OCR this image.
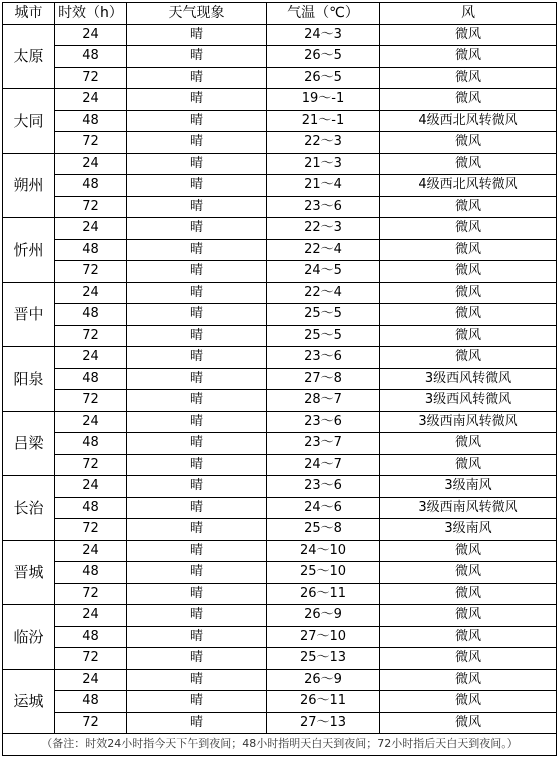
城市	时效（h）	天气现象	气温（℃）	风
太原	24	晴	24～3	微风
	48	晴	26～5	微风
	72	晴	26～5	微风
大同	24	晴	19～-1	微风
	48	晴	21～-1	4级西北风转微风
	72	晴	22～3	微风
朔州	24	晴	21～3	微风
	48	晴	21～4	4级西北风转微风
	72	晴	23～6	微风
忻州	24	晴	22～3	微风
	48	晴	22～4	微风
	72	晴	24～5	微风
晋中	24	晴	22～4	微风
	48	晴	25～5	微风
	72	晴	25～5	微风
阳泉	24	晴	23～6	微风
	48	晴	27～8	3级西风转微风
	72	晴	28～7	3级西风转微风
吕梁	24	晴	23～6	3级西南风转微风
	48	晴	23～7	微风
	72	晴	24～7	微风
长治	24	晴	23～6	3级南风
	48	晴	24～6	3级西南风转微风
	72	晴	25～8	3级南风
晋城	24	晴	24～10	微风
	48	晴	25～10	微风
	72	晴	26～11	微风
临汾	24	晴	26～9	微风
	48	晴	27～10	微风
	72	晴	25～13	微风
运城	24	晴	26～9	微风
	48	晴	26～11	微风
	72	晴	27～13	微风
（备注：时效24小时指今天下午到夜间；48小时指明天白天到夜间；72小时指后天白天到夜间。）				
